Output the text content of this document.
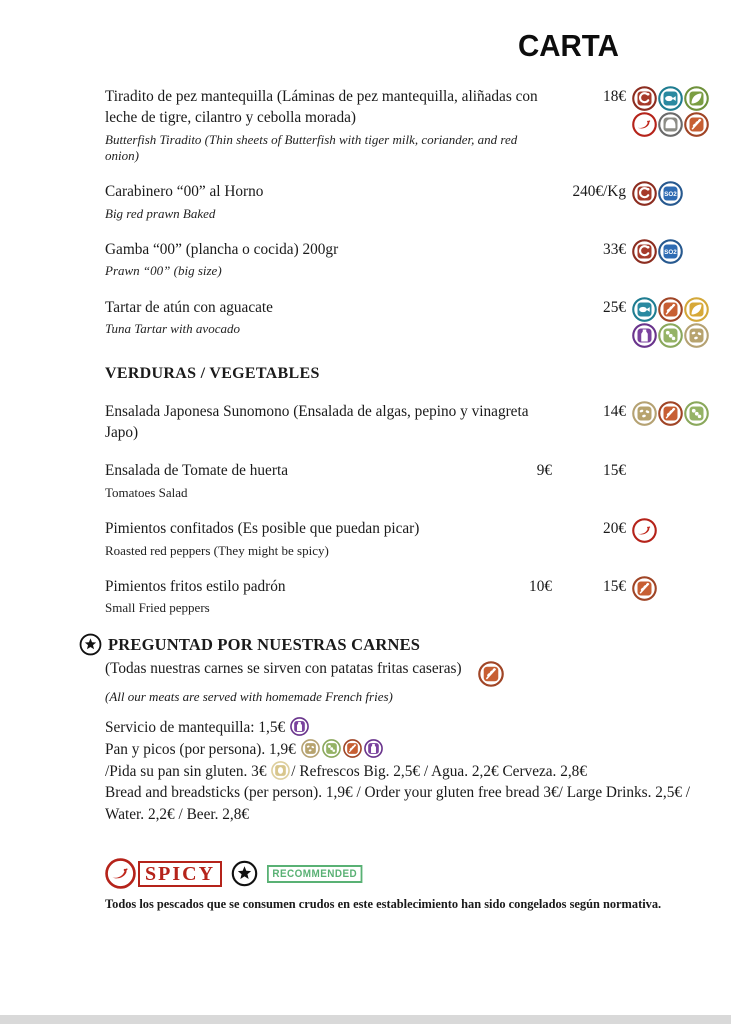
CARTA
Tiradito de pez mantequilla (Láminas de pez mantequilla, aliñadas con leche de tigre, cilantro y cebolla morada)
Butterfish Tiradito (Thin sheets of Butterfish with tiger milk, coriander, and red onion)
18€
Carabinero “00” al Horno
Big red prawn Baked
240€/Kg	SO2
Gamba “00” (plancha o cocida) 200gr
Prawn “00” (big size)
33€	SO2
Tartar de atún con aguacate
Tuna Tartar with avocado
25€
VERDURAS / VEGETABLES
Ensalada Japonesa Sunomono (Ensalada de algas, pepino y vinagreta Japo)
14€
Ensalada de Tomate de huerta
Tomatoes Salad
9€	15€
Pimientos confitados (Es posible que puedan picar)
Roasted red peppers (They might be spicy)
20€
Pimientos fritos estilo padrón
Small Fried peppers
10€	15€
PREGUNTAD POR NUESTRAS CARNES
(Todas nuestras carnes se sirven con patatas fritas caseras)
(All our meats are served with homemade French fries)
Servicio de mantequilla: 1,5€
Pan y picos (por persona). 1,9€
/Pida su pan sin gluten. 3€ / Refrescos Big. 2,5€ / Agua. 2,2€ Cerveza. 2,8€
Bread and breadsticks (per person). 1,9€ / Order your gluten free bread 3€/ Large Drinks. 2,5€ / Water. 2,2€ / Beer. 2,8€
SPICY	RECOMMENDED
Todos los pescados que se consumen crudos en este establecimiento han sido congelados según normativa.
